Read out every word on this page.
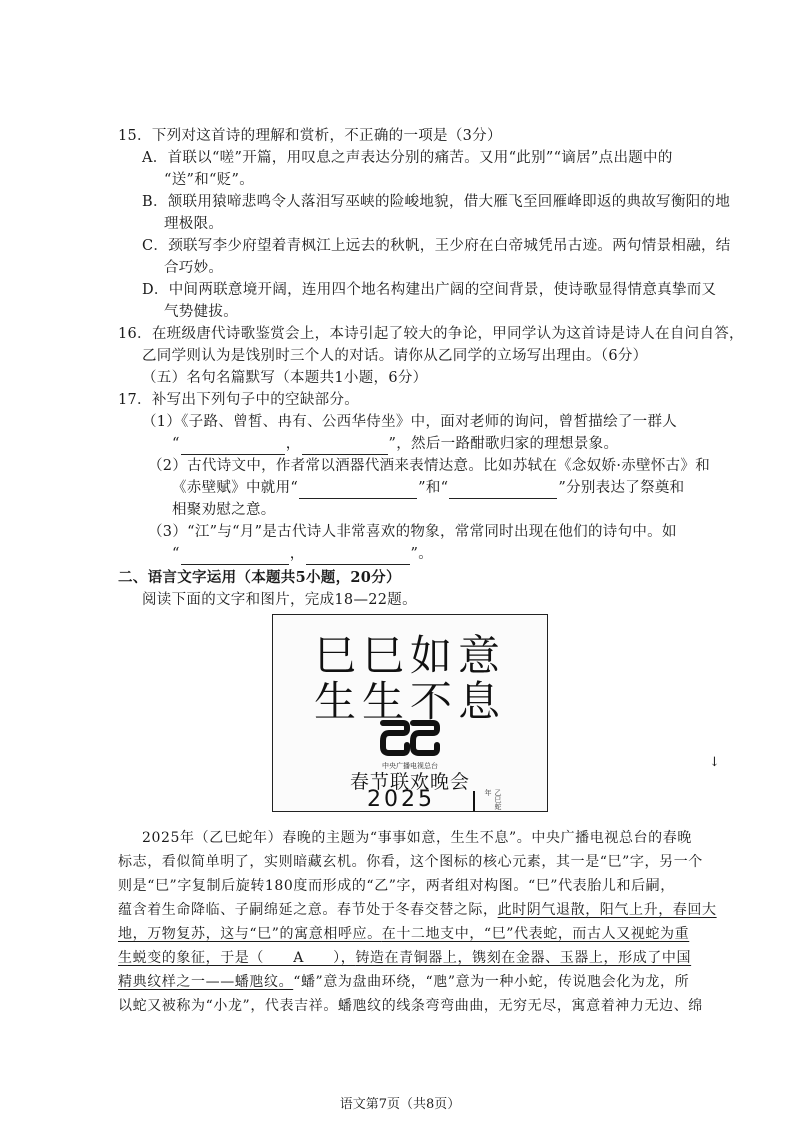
15．下列对这首诗的理解和赏析，不正确的一项是（3分）
A．首联以“嗟”开篇，用叹息之声表达分别的痛苦。又用“此别”“谪居”点出题中的
“送”和“贬”。
B．颔联用猿啼悲鸣令人落泪写巫峡的险峻地貌，借大雁飞至回雁峰即返的典故写衡阳的地
理极限。
C．颈联写李少府望着青枫江上远去的秋帆，王少府在白帝城凭吊古迹。两句情景相融，结
合巧妙。
D．中间两联意境开阔，连用四个地名构建出广阔的空间背景，使诗歌显得情意真挚而又
气势健拔。
16．在班级唐代诗歌鉴赏会上，本诗引起了较大的争论，甲同学认为这首诗是诗人在自问自答，
乙同学则认为是饯别时三个人的对话。请你从乙同学的立场写出理由。（6分）
（五）名句名篇默写（本题共1小题，6分）
17．补写出下列句子中的空缺部分。
（1）《子路、曾皙、冉有、公西华侍坐》中，面对老师的询问，曾皙描绘了一群人
“	，	”，然后一路酣歌归家的理想景象。
（2）古代诗文中，作者常以酒器代酒来表情达意。比如苏轼在《念奴娇·赤壁怀古》和
《赤壁赋》中就用“	”和“	”分别表达了祭奠和
相聚劝慰之意。
（3）“江”与“月”是古代诗人非常喜欢的物象，常常同时出现在他们的诗句中。如
“	，	”。
二、语言文字运用（本题共5小题，20分）
阅读下面的文字和图片，完成18—22题。
巳巳如意
生生不息
中央广播电视总台
春节联欢晚会
2025	乙巳蛇年
↓
2025年（乙巳蛇年）春晚的主题为“事事如意，生生不息”。中央广播电视总台的春晚
标志，看似简单明了，实则暗藏玄机。你看，这个图标的核心元素，其一是“巳”字，另一个
则是“巳”字复制后旋转180度而形成的“乙”字，两者组对构图。“巳”代表胎儿和后嗣，
蕴含着生命降临、子嗣绵延之意。春节处于冬春交替之际，此时阴气退散，阳气上升，春回大
地，万物复苏，这与“巳”的寓意相呼应。在十二地支中，“巳”代表蛇，而古人又视蛇为重
生蜕变的象征，于是（　　A　　），铸造在青铜器上，镌刻在金器、玉器上，形成了中国
精典纹样之一——蟠虺纹。“蟠”意为盘曲环绕，“虺”意为一种小蛇，传说虺会化为龙，所
以蛇又被称为“小龙”，代表吉祥。蟠虺纹的线条弯弯曲曲，无穷无尽，寓意着神力无边、绵
语文第7页（共8页）
